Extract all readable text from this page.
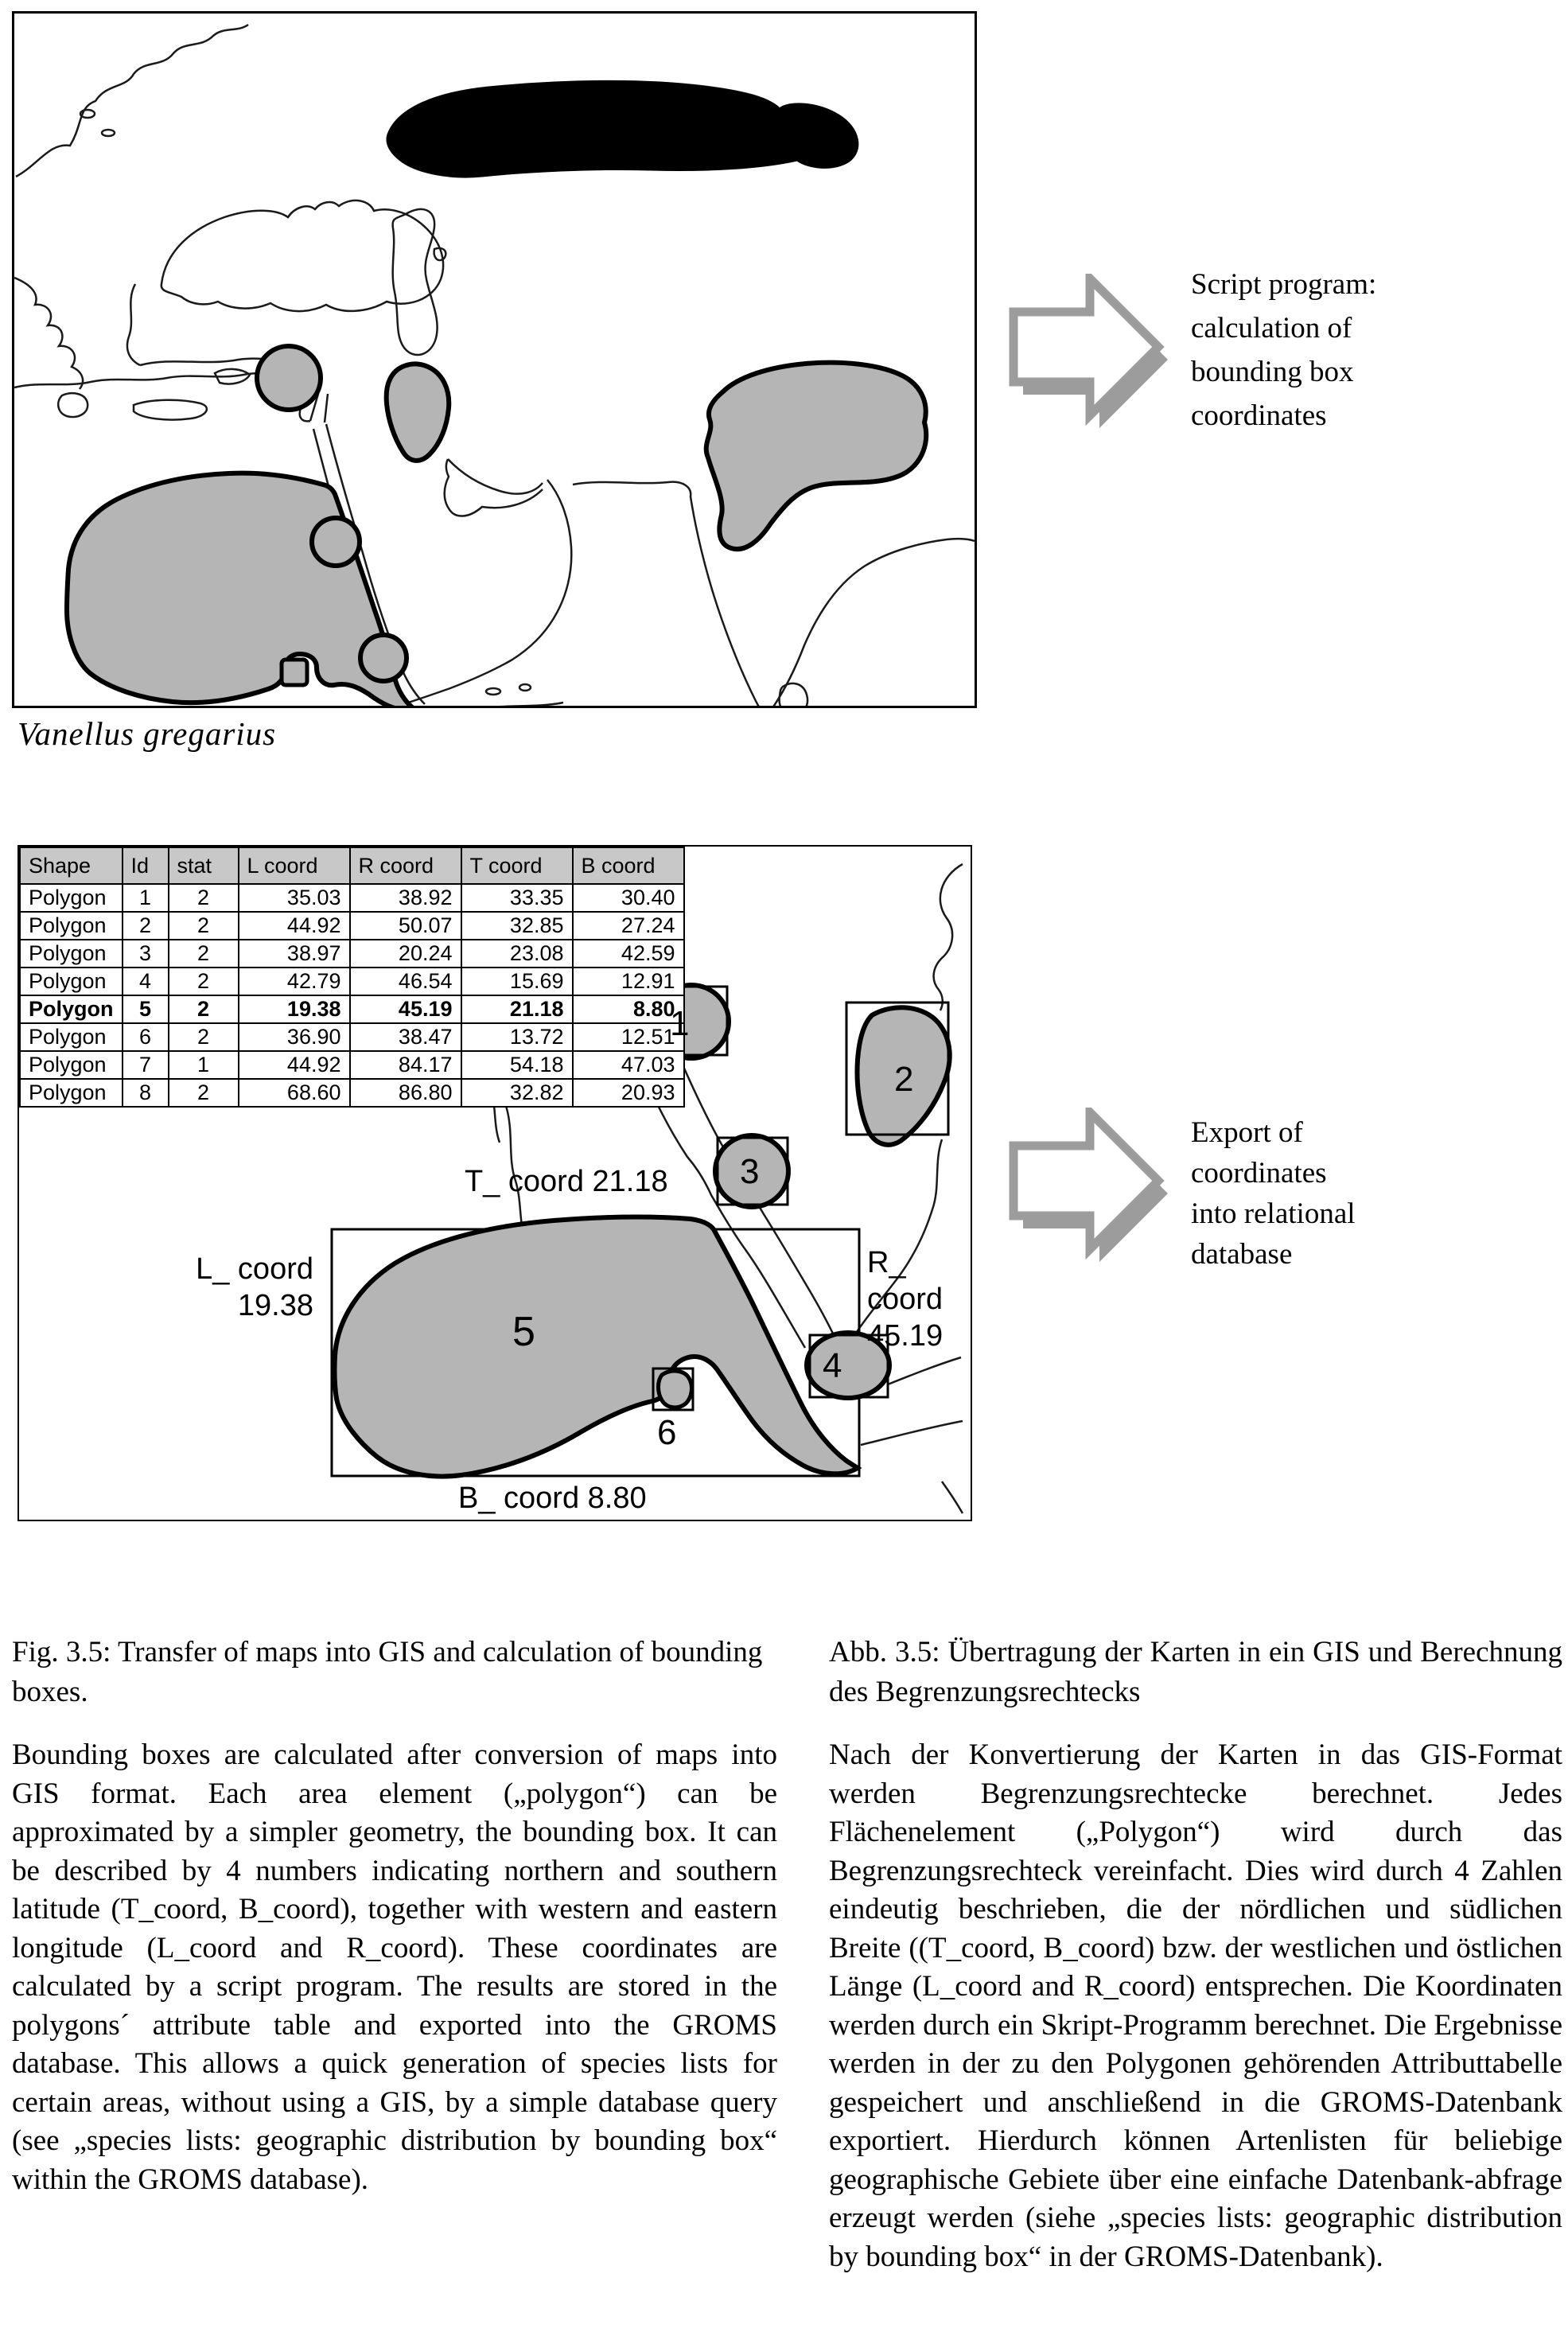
Vanellus gregarius
Script program:
calculation of
bounding box
coordinates
Shape	Id	stat	L coord	R coord	T coord	B coord
Polygon	1	2	35.03	38.92	33.35	30.40
Polygon	2	2	44.92	50.07	32.85	27.24
Polygon	3	2	38.97	20.24	23.08	42.59
Polygon	4	2	42.79	46.54	15.69	12.91
Polygon	5	2	19.38	45.19	21.18	8.80
Polygon	6	2	36.90	38.47	13.72	12.51
Polygon	7	1	44.92	84.17	54.18	47.03
Polygon	8	2	68.60	86.80	32.82	20.93
T_ coord 21.18
L_ coord
19.38
R_ coord
45.19
B_ coord 8.80
1
2
3
4
5
6
Export of
coordinates
into relational
database

Fig. 3.5: Transfer of maps into GIS and calculation of bounding boxes.

Bounding boxes are calculated after conversion of maps into GIS format. Each area element („polygon“) can be approximated by a simpler geometry, the bounding box. It can be described by 4 numbers indicating northern and southern latitude (T_coord, B_coord), together with western and eastern longitude (L_coord and R_coord). These coordinates are calculated by a script program. The results are stored in the polygons´ attribute table and exported into the GROMS database. This allows a quick generation of species lists for certain areas, without using a GIS, by a simple database query (see „species lists: geographic distribution by bounding box“ within the GROMS database).

Abb. 3.5: Übertragung der Karten in ein GIS und Berechnung des Begrenzungsrechtecks

Nach der Konvertierung der Karten in das GIS-Format werden Begrenzungsrechtecke berechnet. Jedes Flächenelement („Polygon“) wird durch das Begrenzungsrechteck vereinfacht. Dies wird durch 4 Zahlen eindeutig beschrieben, die der nördlichen und südlichen Breite ((T_coord, B_coord) bzw. der westlichen und östlichen Länge (L_coord and R_coord) entsprechen. Die Koordinaten werden durch ein Skript-Programm berechnet. Die Ergebnisse werden in der zu den Polygonen gehörenden Attributtabelle gespeichert und anschließend in die GROMS-Datenbank exportiert. Hierdurch können Artenlisten für beliebige geographische Gebiete über eine einfache Datenbank-abfrage erzeugt werden (siehe „species lists: geographic distribution by bounding box“ in der GROMS-Datenbank).
